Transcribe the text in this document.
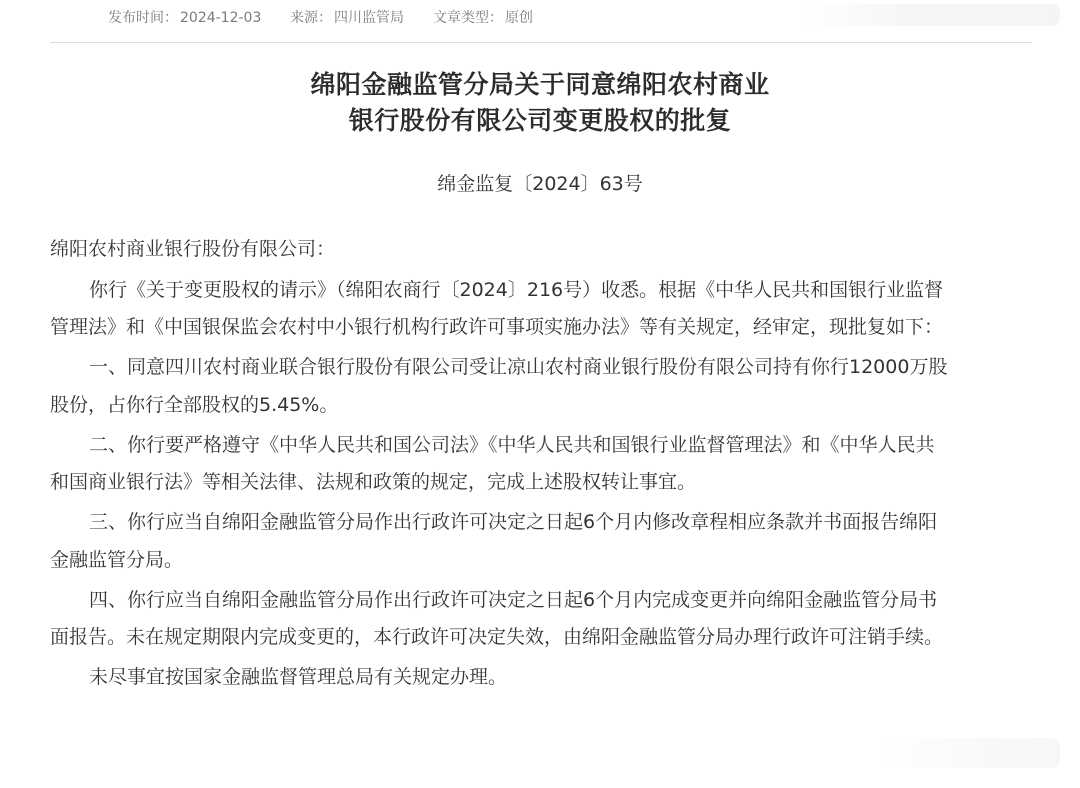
发布时间： 2024-12-03 来源： 四川监管局 文章类型： 原创
绵阳金融监管分局关于同意绵阳农村商业
银行股份有限公司变更股权的批复
绵金监复〔2024〕63号
绵阳农村商业银行股份有限公司：
你行《关于变更股权的请示》（绵阳农商行〔2024〕216号）收悉。根据《中华人民共和国银行业监督
管理法》和《中国银保监会农村中小银行机构行政许可事项实施办法》等有关规定，经审定，现批复如下：
一、同意四川农村商业联合银行股份有限公司受让凉山农村商业银行股份有限公司持有你行12000万股
股份，占你行全部股权的5.45%。
二、你行要严格遵守《中华人民共和国公司法》《中华人民共和国银行业监督管理法》和《中华人民共
和国商业银行法》等相关法律、法规和政策的规定，完成上述股权转让事宜。
三、你行应当自绵阳金融监管分局作出行政许可决定之日起6个月内修改章程相应条款并书面报告绵阳
金融监管分局。
四、你行应当自绵阳金融监管分局作出行政许可决定之日起6个月内完成变更并向绵阳金融监管分局书
面报告。未在规定期限内完成变更的，本行政许可决定失效，由绵阳金融监管分局办理行政许可注销手续。
未尽事宜按国家金融监督管理总局有关规定办理。
